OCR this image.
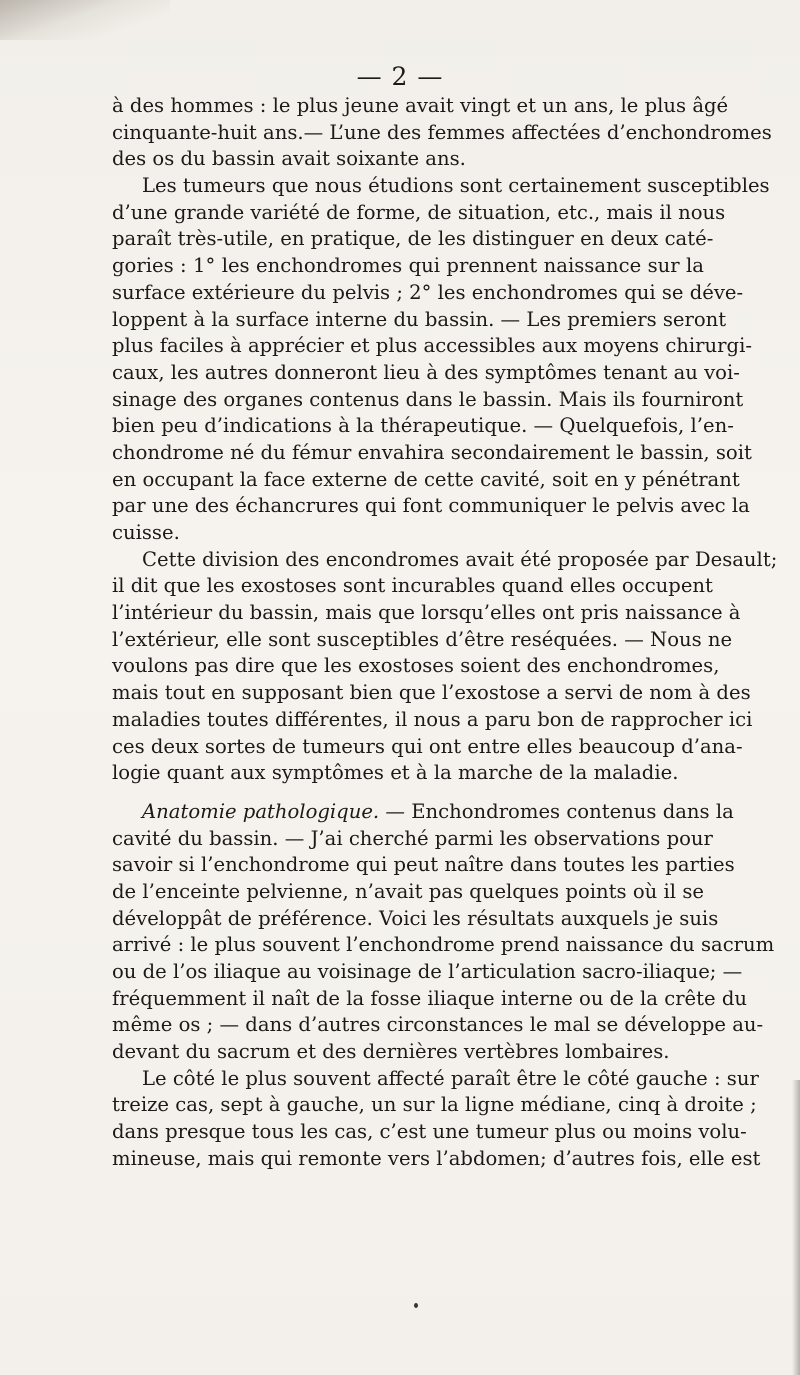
— 2 —
à des hommes : le plus jeune avait vingt et un ans, le plus âgé
cinquante-huit ans.— L’une des femmes affectées d’enchondromes
des os du bassin avait soixante ans.
Les tumeurs que nous étudions sont certainement susceptibles
d’une grande variété de forme, de situation, etc., mais il nous
paraît très-utile, en pratique, de les distinguer en deux caté-
gories : 1° les enchondromes qui prennent naissance sur la
surface extérieure du pelvis ; 2° les enchondromes qui se déve-
loppent à la surface interne du bassin. — Les premiers seront
plus faciles à apprécier et plus accessibles aux moyens chirurgi-
caux, les autres donneront lieu à des symptômes tenant au voi-
sinage des organes contenus dans le bassin. Mais ils fourniront
bien peu d’indications à la thérapeutique. — Quelquefois, l’en-
chondrome né du fémur envahira secondairement le bassin, soit
en occupant la face externe de cette cavité, soit en y pénétrant
par une des échancrures qui font communiquer le pelvis avec la
cuisse.
Cette division des encondromes avait été proposée par Desault;
il dit que les exostoses sont incurables quand elles occupent
l’intérieur du bassin, mais que lorsqu’elles ont pris naissance à
l’extérieur, elle sont susceptibles d’être reséquées. — Nous ne
voulons pas dire que les exostoses soient des enchondromes,
mais tout en supposant bien que l’exostose a servi de nom à des
maladies toutes différentes, il nous a paru bon de rapprocher ici
ces deux sortes de tumeurs qui ont entre elles beaucoup d’ana-
logie quant aux symptômes et à la marche de la maladie.
Anatomie pathologique. — Enchondromes contenus dans la
cavité du bassin. — J’ai cherché parmi les observations pour
savoir si l’enchondrome qui peut naître dans toutes les parties
de l’enceinte pelvienne, n’avait pas quelques points où il se
développât de préférence. Voici les résultats auxquels je suis
arrivé : le plus souvent l’enchondrome prend naissance du sacrum
ou de l’os iliaque au voisinage de l’articulation sacro-iliaque; —
fréquemment il naît de la fosse iliaque interne ou de la crête du
même os ; — dans d’autres circonstances le mal se développe au-
devant du sacrum et des dernières vertèbres lombaires.
Le côté le plus souvent affecté paraît être le côté gauche : sur
treize cas, sept à gauche, un sur la ligne médiane, cinq à droite ;
dans presque tous les cas, c’est une tumeur plus ou moins volu-
mineuse, mais qui remonte vers l’abdomen; d’autres fois, elle est
